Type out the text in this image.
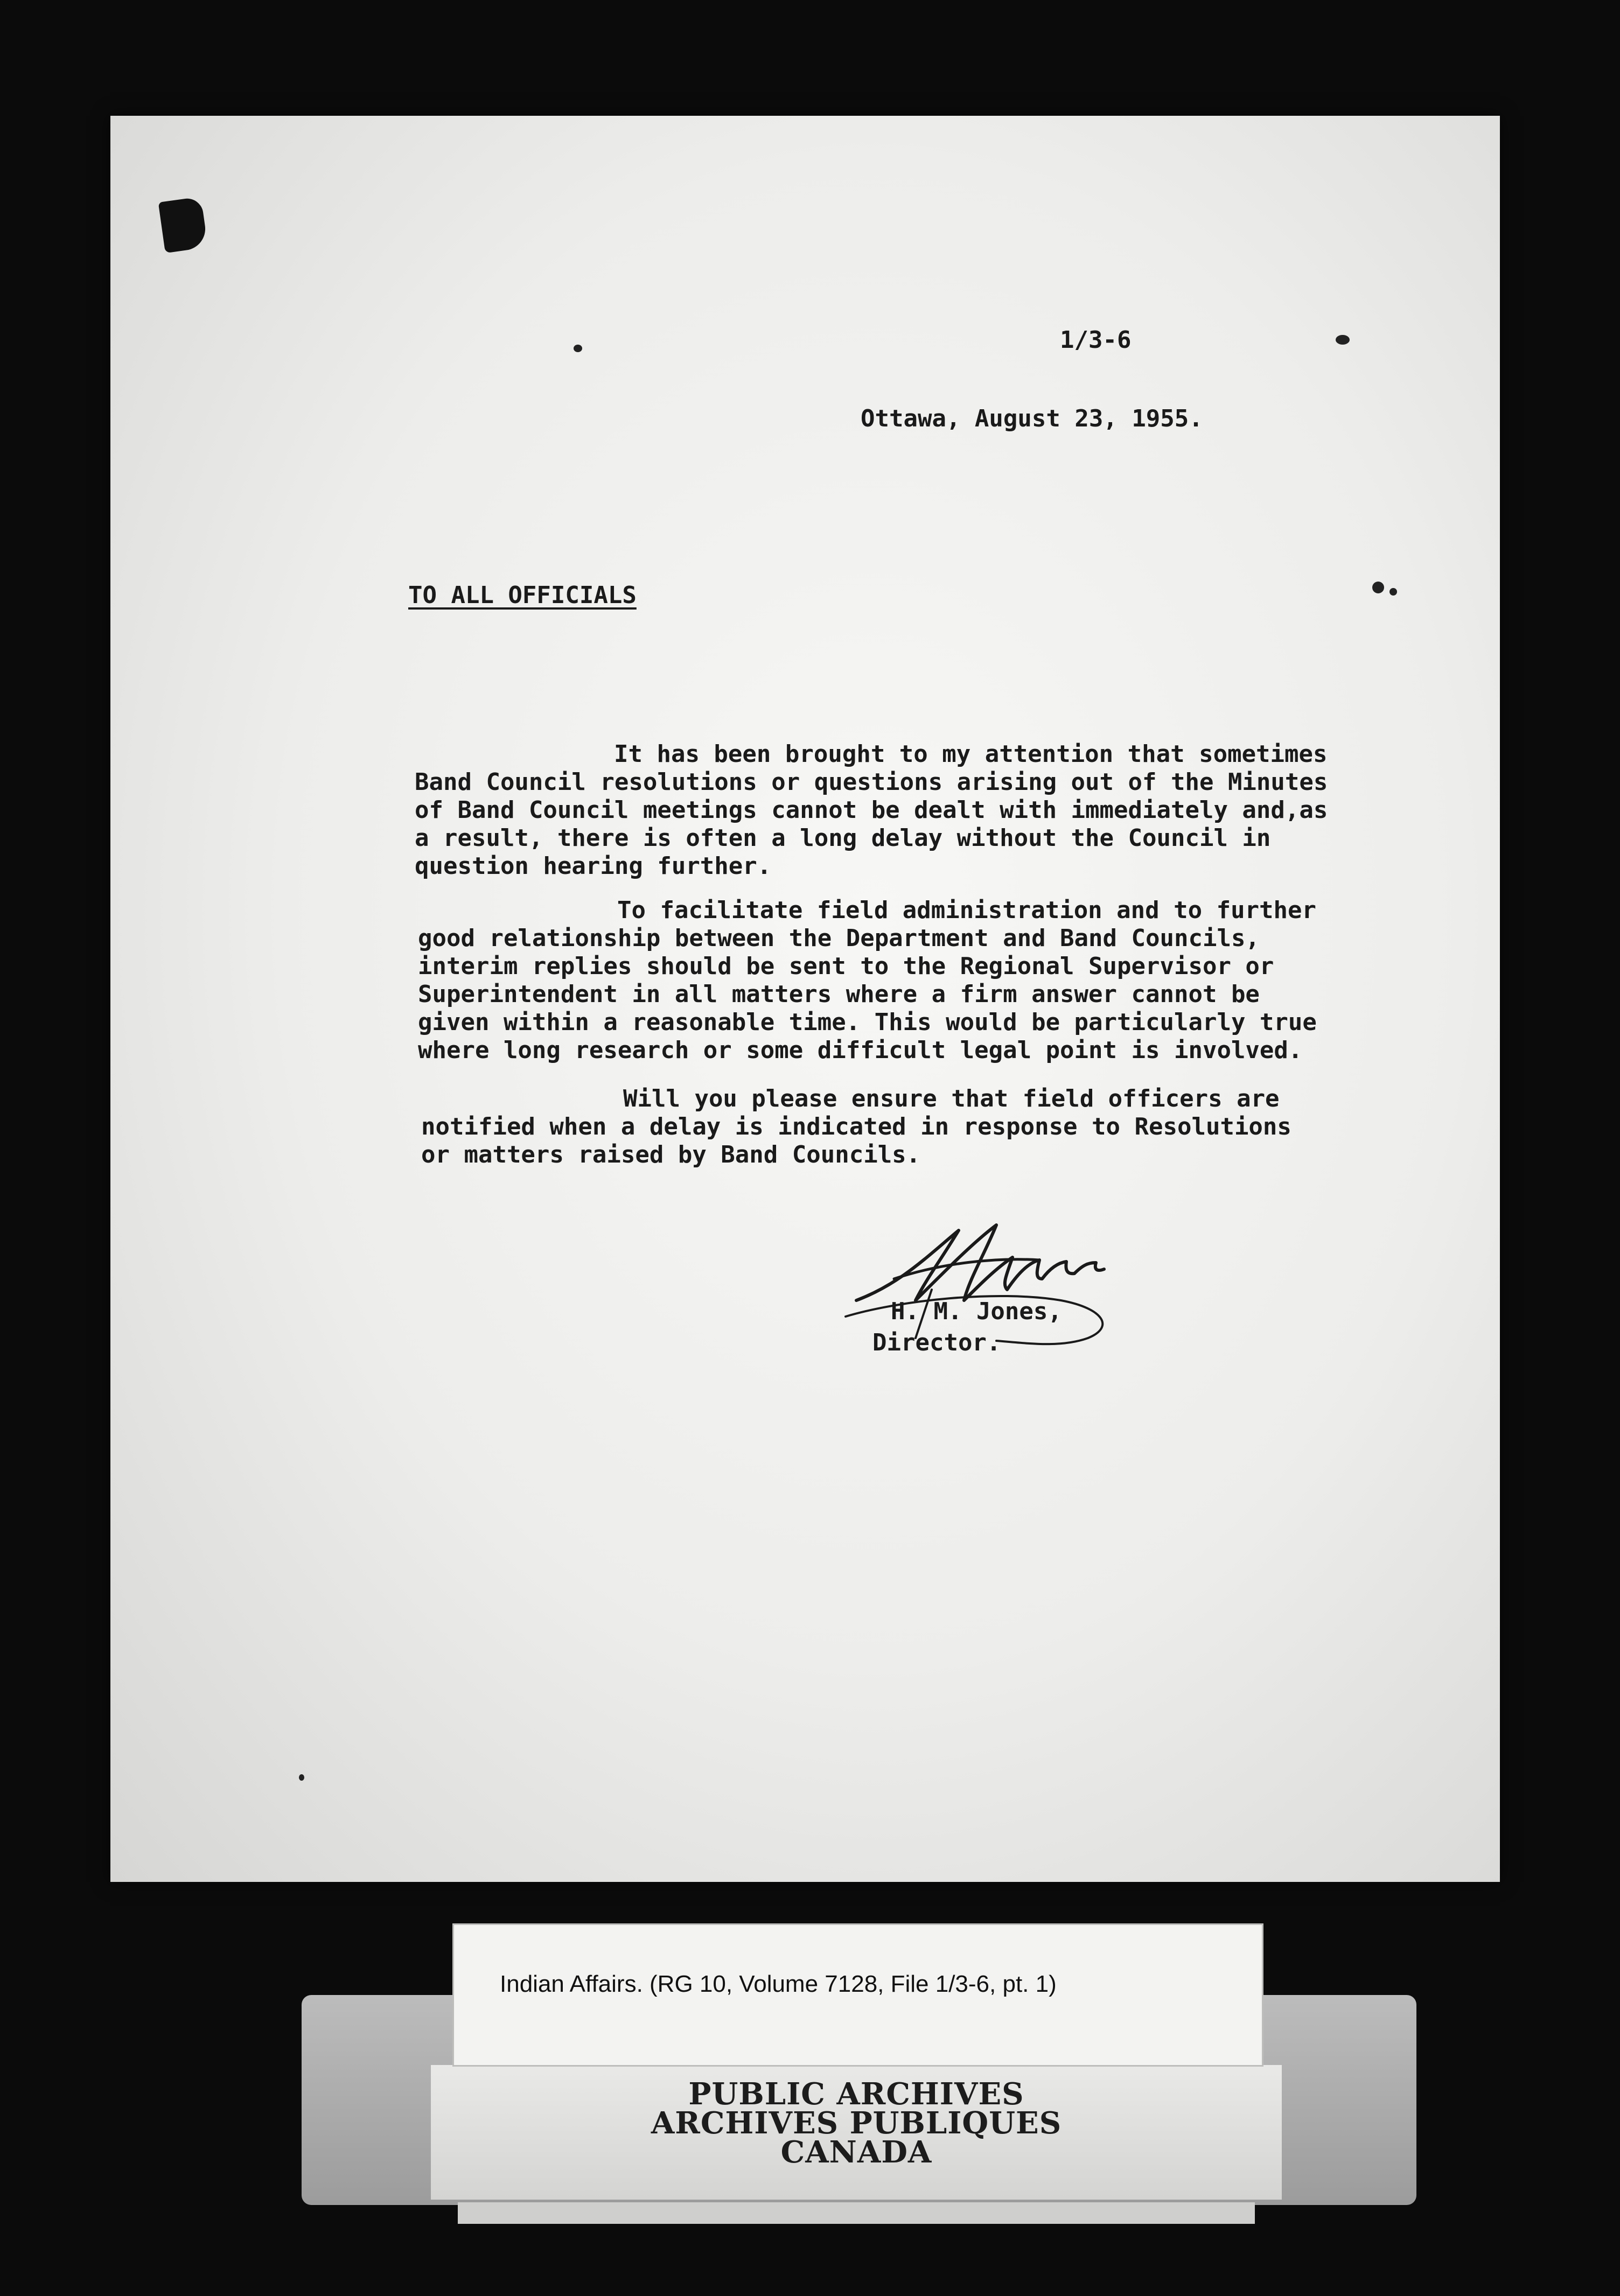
1/3-6
Ottawa, August 23, 1955.
TO ALL OFFICIALS
It has been brought to my attention that sometimes
Band Council resolutions or questions arising out of the Minutes
of Band Council meetings cannot be dealt with immediately and,as
a result, there is often a long delay without the Council in
question hearing further.
To facilitate field administration and to further
good relationship between the Department and Band Councils,
interim replies should be sent to the Regional Supervisor or
Superintendent in all matters where a firm answer cannot be
given within a reasonable time. This would be particularly true
where long research or some difficult legal point is involved.
Will you please ensure that field officers are
notified when a delay is indicated in response to Resolutions
or matters raised by Band Councils.
H. M. Jones,
Director.
Indian Affairs. (RG 10, Volume 7128, File 1/3-6, pt. 1)
PUBLIC ARCHIVES
ARCHIVES PUBLIQUES
CANADA
